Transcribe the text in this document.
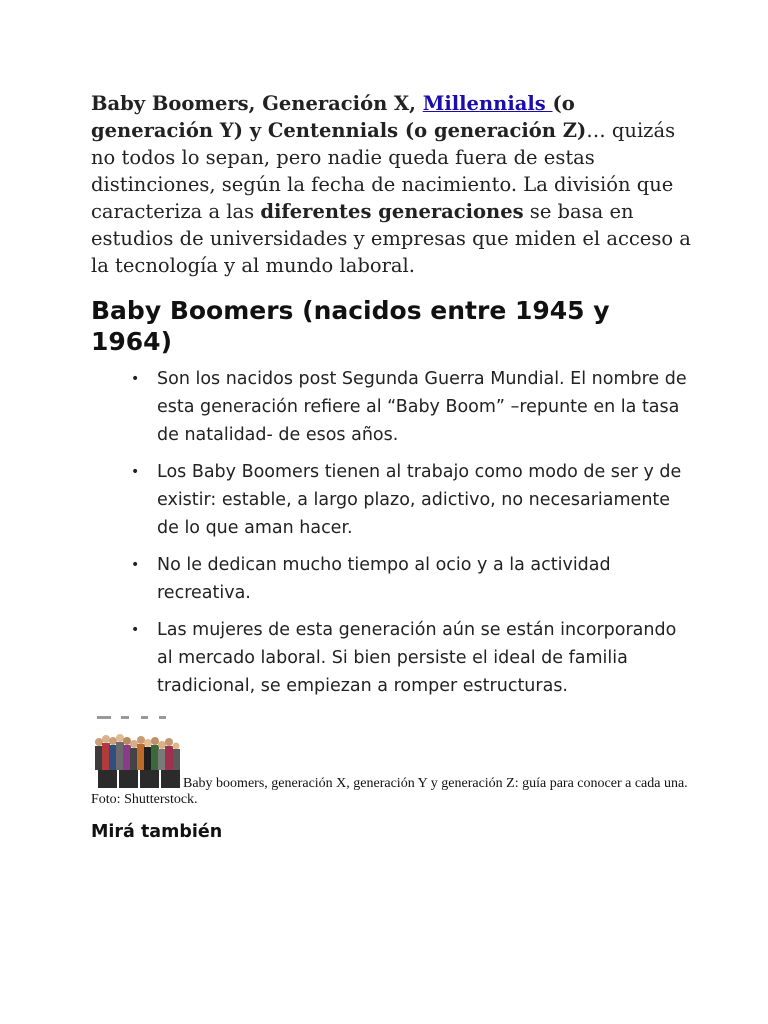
Baby Boomers, Generación X, Millennials (o generación Y) y Centennials (o generación Z)… quizás no todos lo sepan, pero nadie queda fuera de estas distinciones, según la fecha de nacimiento. La división que caracteriza a las diferentes generaciones se basa en estudios de universidades y empresas que miden el acceso a la tecnología y al mundo laboral.

Baby Boomers (nacidos entre 1945 y 1964)
• Son los nacidos post Segunda Guerra Mundial. El nombre de esta generación refiere al “Baby Boom” –repunte en la tasa de natalidad- de esos años.
• Los Baby Boomers tienen al trabajo como modo de ser y de existir: estable, a largo plazo, adictivo, no necesariamente de lo que aman hacer.
• No le dedican mucho tiempo al ocio y a la actividad recreativa.
• Las mujeres de esta generación aún se están incorporando al mercado laboral. Si bien persiste el ideal de familia tradicional, se empiezan a romper estructuras.
Baby boomers, generación X, generación Y y generación Z: guía para conocer a cada una. Foto: Shutterstock.
Mirá también
